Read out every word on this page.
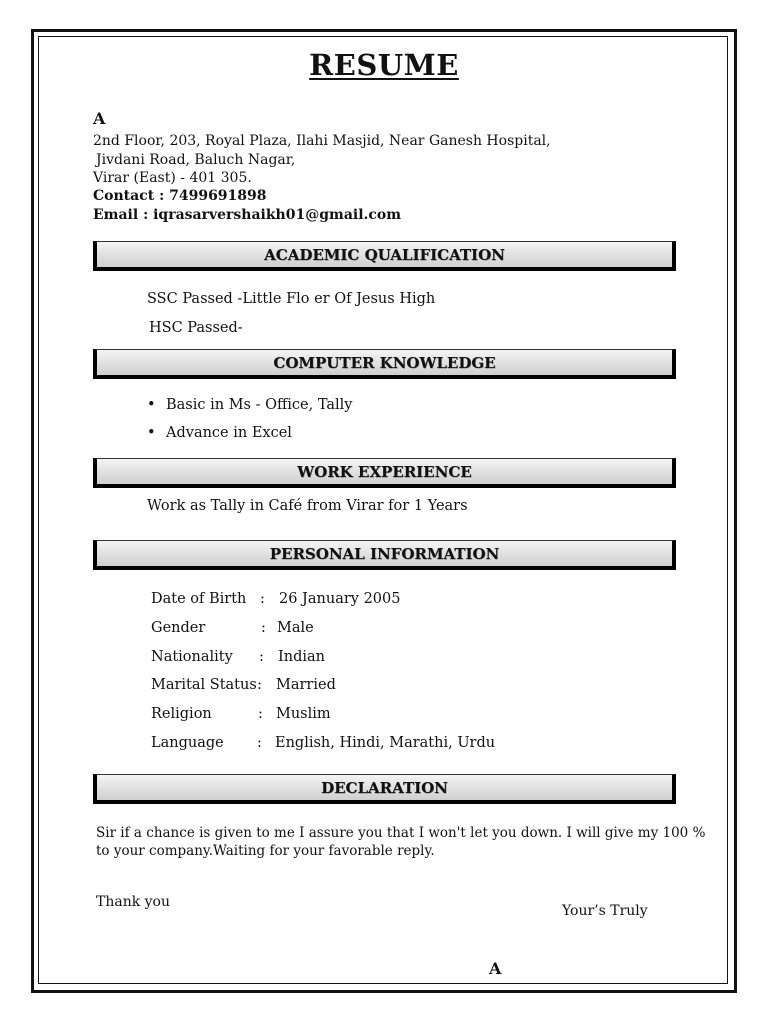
RESUME
A
2nd Floor, 203, Royal Plaza, Ilahi Masjid, Near Ganesh Hospital,
Jivdani Road, Baluch Nagar,
Virar (East) - 401 305.
Contact : 7499691898
Email : iqrasarvershaikh01@gmail.com
ACADEMIC QUALIFICATION
SSC Passed -Little Flo er Of Jesus High
HSC Passed-
COMPUTER KNOWLEDGE
• Basic in Ms - Office, Tally
• Advance in Excel
WORK EXPERIENCE
Work as Tally in Café from Virar for 1 Years
PERSONAL INFORMATION
Date of Birth : 26 January 2005
Gender	: Male
Nationality : Indian
Marital Status : Married
Religion	: Muslim
Language : English, Hindi, Marathi, Urdu
DECLARATION
Sir if a chance is given to me I assure you that I won't let you down. I will give my 100 %
to your company.Waiting for your favorable reply.
Thank you
Your’s Truly
A
